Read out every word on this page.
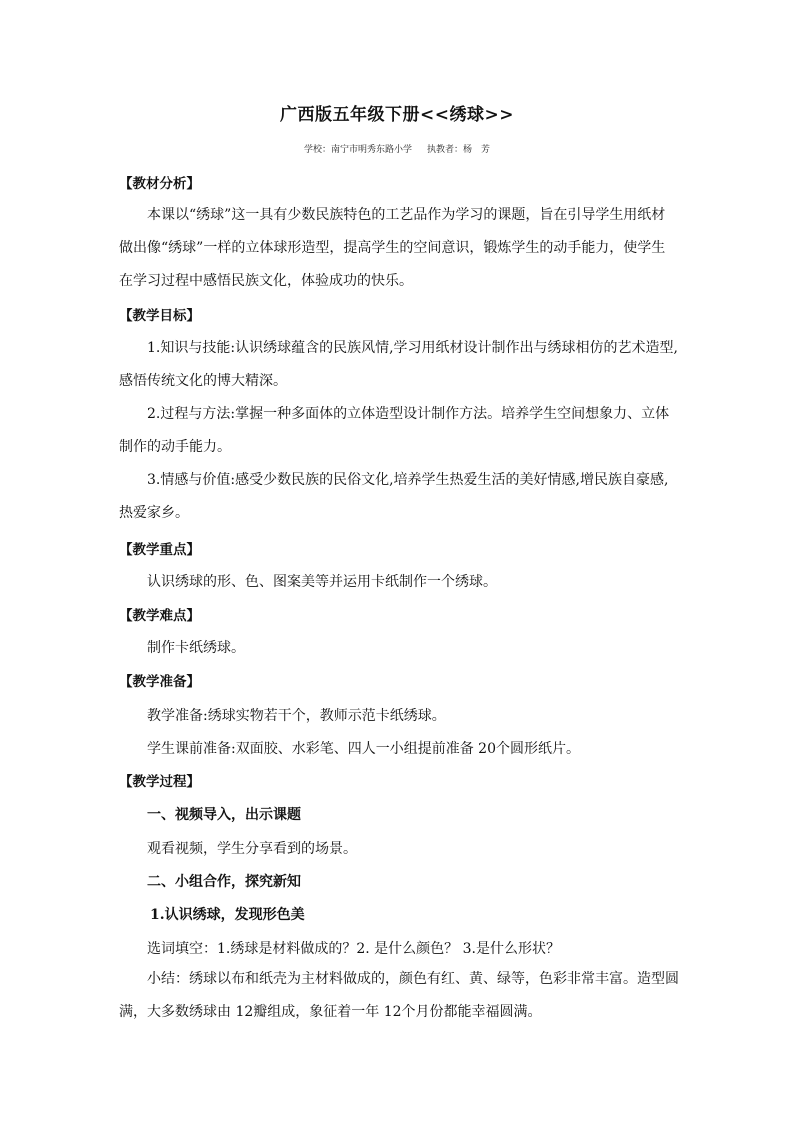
广西版五年级下册<<绣球>>
学校：南宁市明秀东路小学 执教者：杨　芳
【教材分析】
本课以“绣球”这一具有少数民族特色的工艺品作为学习的课题，旨在引导学生用纸材做出像“绣球”一样的立体球形造型，提高学生的空间意识，锻炼学生的动手能力，使学生在学习过程中感悟民族文化，体验成功的快乐。
【教学目标】
1.知识与技能:认识绣球蕴含的民族风情,学习用纸材设计制作出与绣球相仿的艺术造型,感悟传统文化的博大精深。
2.过程与方法:掌握一种多面体的立体造型设计制作方法。培养学生空间想象力、立体制作的动手能力。
3.情感与价值:感受少数民族的民俗文化,培养学生热爱生活的美好情感,增民族自豪感,热爱家乡。
【教学重点】
认识绣球的形、色、图案美等并运用卡纸制作一个绣球。
【教学难点】
制作卡纸绣球。
【教学准备】
教学准备:绣球实物若干个，教师示范卡纸绣球。
学生课前准备:双面胶、水彩笔、四人一小组提前准备 20个圆形纸片。
【教学过程】
一、视频导入，出示课题
观看视频，学生分享看到的场景。
二、小组合作，探究新知
1.认识绣球，发现形色美
选词填空：1.绣球是材料做成的？2. 是什么颜色？ 3.是什么形状？
小结：绣球以布和纸壳为主材料做成的，颜色有红、黄、绿等，色彩非常丰富。造型圆满，大多数绣球由 12瓣组成，象征着一年 12个月份都能幸福圆满。
